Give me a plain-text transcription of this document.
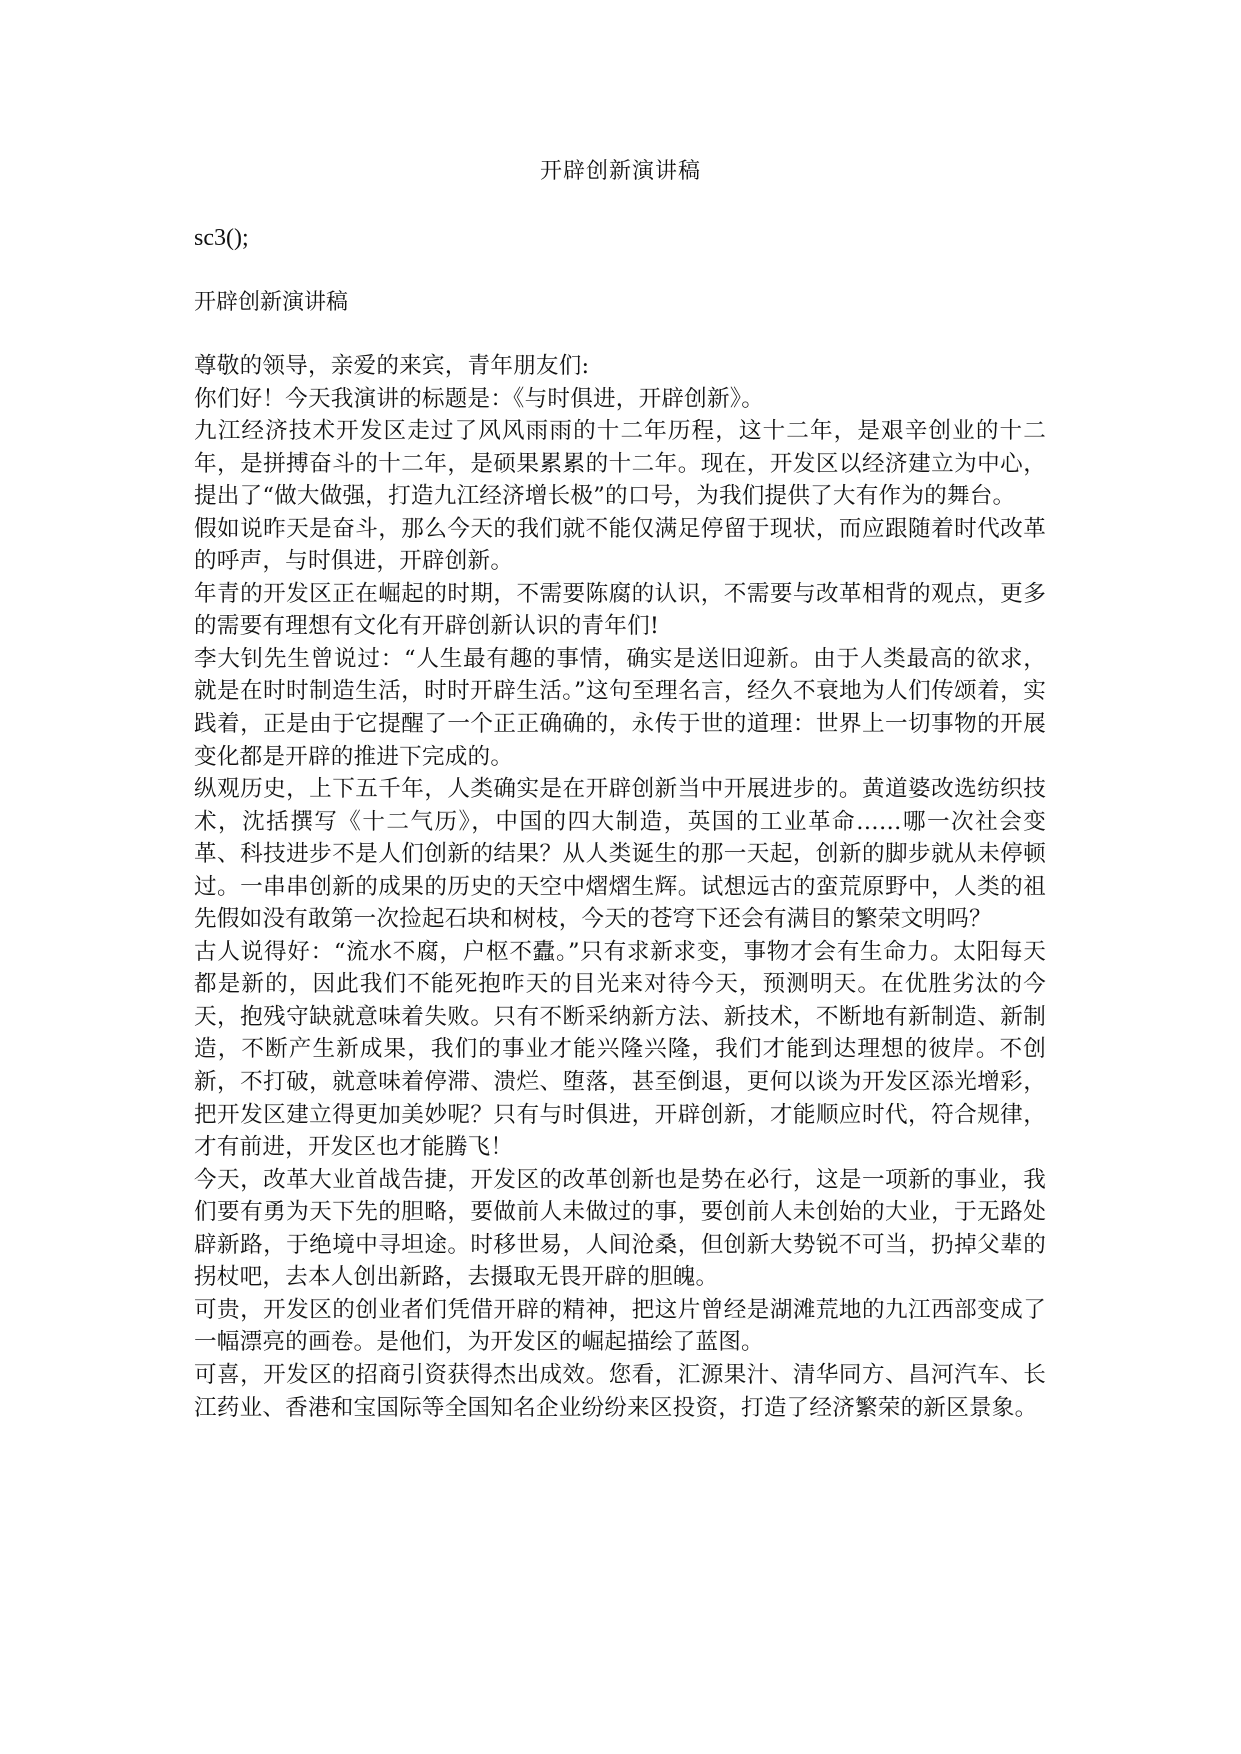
开辟创新演讲稿
sc3();
开辟创新演讲稿

尊敬的领导，亲爱的来宾，青年朋友们:

你们好！今天我演讲的标题是：《与时俱进，开辟创新》。

九江经济技术开发区走过了风风雨雨的十二年历程，这十二年，是艰辛创业的十二年，是拼搏奋斗的十二年，是硕果累累的十二年。现在，开发区以经济建立为中心，提出了“做大做强，打造九江经济增长极”的口号，为我们提供了大有作为的舞台。

假如说昨天是奋斗，那么今天的我们就不能仅满足停留于现状，而应跟随着时代改革的呼声，与时俱进，开辟创新。

年青的开发区正在崛起的时期，不需要陈腐的认识，不需要与改革相背的观点，更多的需要有理想有文化有开辟创新认识的青年们!

李大钊先生曾说过：“人生最有趣的事情，确实是送旧迎新。由于人类最高的欲求，就是在时时制造生活，时时开辟生活。”这句至理名言，经久不衰地为人们传颂着，实践着，正是由于它提醒了一个正正确确的，永传于世的道理：世界上一切事物的开展变化都是开辟的推进下完成的。

纵观历史，上下五千年，人类确实是在开辟创新当中开展进步的。黄道婆改选纺织技术，沈括撰写《十二气历》，中国的四大制造，英国的工业革命……哪一次社会变革、科技进步不是人们创新的结果？从人类诞生的那一天起，创新的脚步就从未停顿过。一串串创新的成果的历史的天空中熠熠生辉。试想远古的蛮荒原野中，人类的祖先假如没有敢第一次捡起石块和树枝，今天的苍穹下还会有满目的繁荣文明吗？

古人说得好：“流水不腐，户枢不蠹。”只有求新求变，事物才会有生命力。太阳每天都是新的，因此我们不能死抱昨天的目光来对待今天，预测明天。在优胜劣汰的今天，抱残守缺就意味着失败。只有不断采纳新方法、新技术，不断地有新制造、新制造，不断产生新成果，我们的事业才能兴隆兴隆，我们才能到达理想的彼岸。不创新，不打破，就意味着停滞、溃烂、堕落，甚至倒退，更何以谈为开发区添光增彩，把开发区建立得更加美妙呢？只有与时俱进，开辟创新，才能顺应时代，符合规律，才有前进，开发区也才能腾飞！

今天，改革大业首战告捷，开发区的改革创新也是势在必行，这是一项新的事业，我们要有勇为天下先的胆略，要做前人未做过的事，要创前人未创始的大业，于无路处辟新路，于绝境中寻坦途。时移世易，人间沧桑，但创新大势锐不可当，扔掉父辈的拐杖吧，去本人创出新路，去摄取无畏开辟的胆魄。

可贵，开发区的创业者们凭借开辟的精神，把这片曾经是湖滩荒地的九江西部变成了一幅漂亮的画卷。是他们，为开发区的崛起描绘了蓝图。

可喜，开发区的招商引资获得杰出成效。您看，汇源果汁、清华同方、昌河汽车、长江药业、香港和宝国际等全国知名企业纷纷来区投资，打造了经济繁荣的新区景象。
